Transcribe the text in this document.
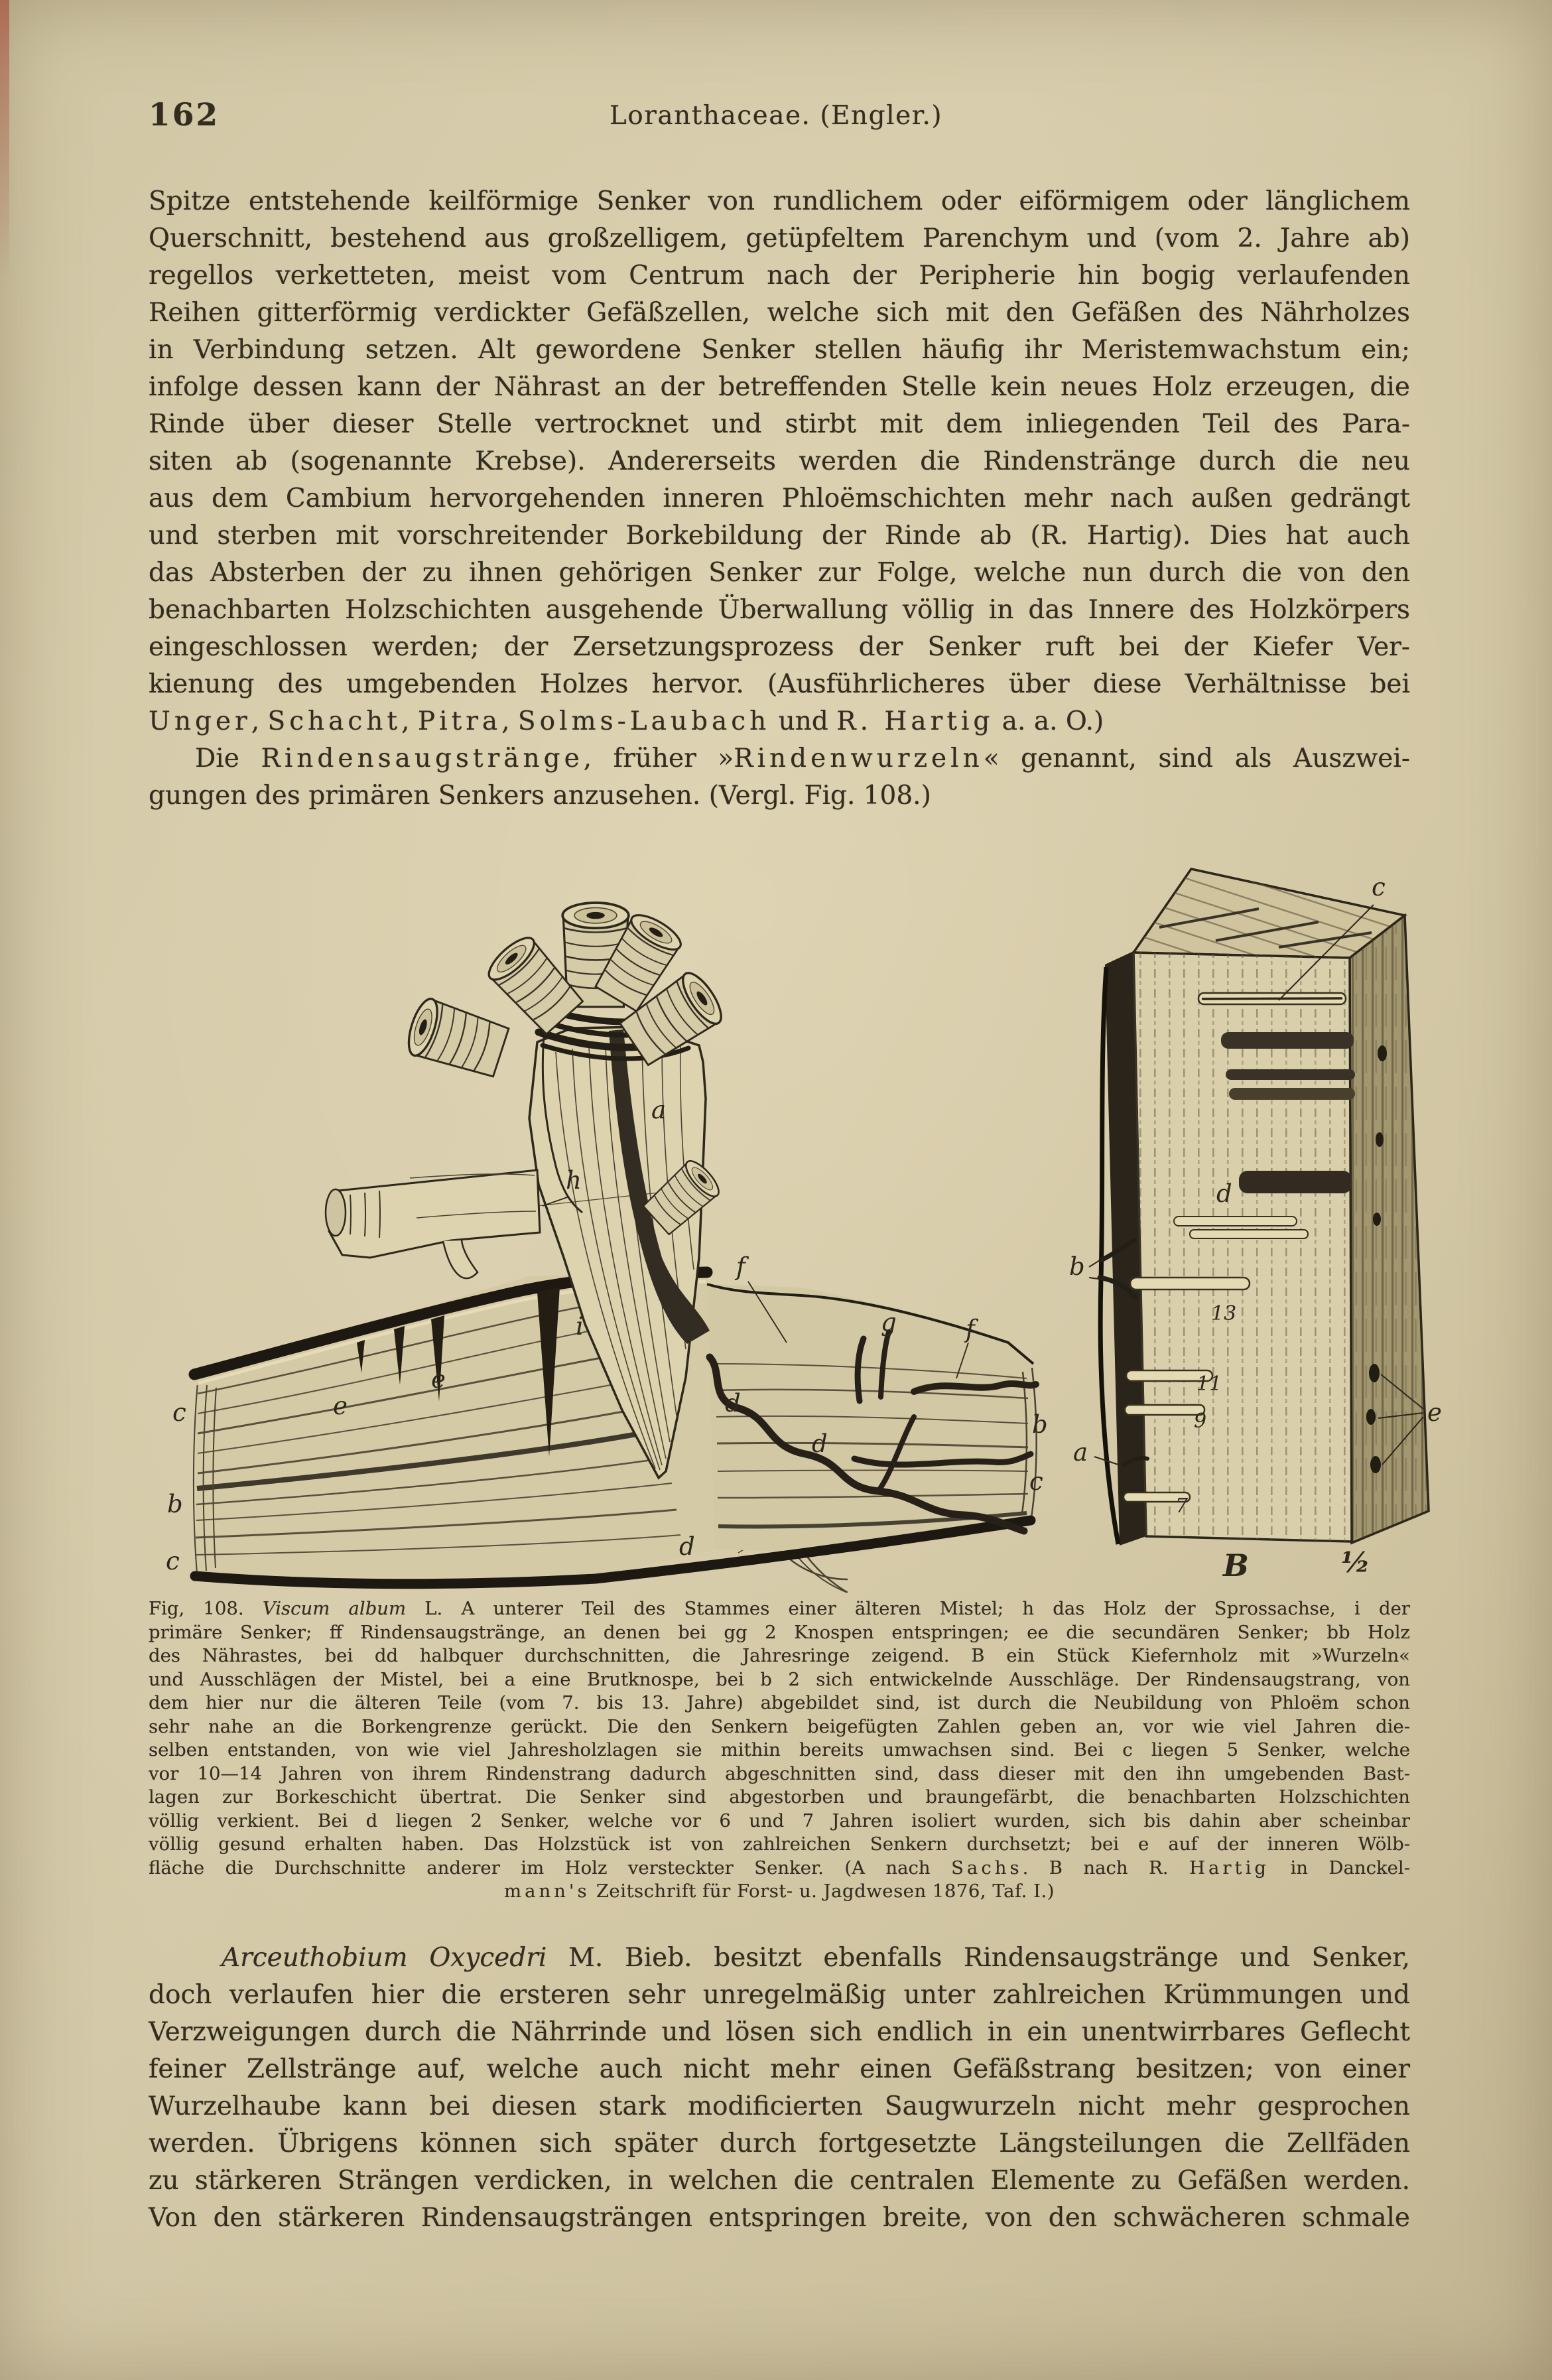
162	Loranthaceae. (Engler.)
Spitze entstehende keilförmige Senker von rundlichem oder eiförmigem oder länglichem
Querschnitt, bestehend aus großzelligem, getüpfeltem Parenchym und (vom 2. Jahre ab)
regellos verketteten, meist vom Centrum nach der Peripherie hin bogig verlaufenden
Reihen gitterförmig verdickter Gefäßzellen, welche sich mit den Gefäßen des Nährholzes
in Verbindung setzen. Alt gewordene Senker stellen häufig ihr Meristemwachstum ein;
infolge dessen kann der Nährast an der betreffenden Stelle kein neues Holz erzeugen, die
Rinde über dieser Stelle vertrocknet und stirbt mit dem inliegenden Teil des Para-
siten ab (sogenannte Krebse). Andererseits werden die Rindenstränge durch die neu
aus dem Cambium hervorgehenden inneren Phloëmschichten mehr nach außen gedrängt
und sterben mit vorschreitender Borkebildung der Rinde ab (R. Hartig). Dies hat auch
das Absterben der zu ihnen gehörigen Senker zur Folge, welche nun durch die von den
benachbarten Holzschichten ausgehende Überwallung völlig in das Innere des Holzkörpers
eingeschlossen werden; der Zersetzungsprozess der Senker ruft bei der Kiefer Ver-
kienung des umgebenden Holzes hervor. (Ausführlicheres über diese Verhältnisse bei
Unger, Schacht, Pitra, Solms-Laubach und R. Hartig a. a. O.)
Die Rindensaugstränge, früher »Rindenwurzeln« genannt, sind als Auszwei-
gungen des primären Senkers anzusehen. (Vergl. Fig. 108.)
a
h
i
d
d
d
e
e
f
g	f
c
b
c
b
c
c
d
b
a
e
13
11
9
7
B	½
Fig, 108. Viscum album L. A unterer Teil des Stammes einer älteren Mistel; h das Holz der Sprossachse, i der
primäre Senker; ff Rindensaugstränge, an denen bei gg 2 Knospen entspringen; ee die secundären Senker; bb Holz
des Nährastes, bei dd halbquer durchschnitten, die Jahresringe zeigend. B ein Stück Kiefernholz mit »Wurzeln«
und Ausschlägen der Mistel, bei a eine Brutknospe, bei b 2 sich entwickelnde Ausschläge. Der Rindensaugstrang, von
dem hier nur die älteren Teile (vom 7. bis 13. Jahre) abgebildet sind, ist durch die Neubildung von Phloëm schon
sehr nahe an die Borkengrenze gerückt. Die den Senkern beigefügten Zahlen geben an, vor wie viel Jahren die-
selben entstanden, von wie viel Jahresholzlagen sie mithin bereits umwachsen sind. Bei c liegen 5 Senker, welche
vor 10—14 Jahren von ihrem Rindenstrang dadurch abgeschnitten sind, dass dieser mit den ihn umgebenden Bast-
lagen zur Borkeschicht übertrat. Die Senker sind abgestorben und braungefärbt, die benachbarten Holzschichten
völlig verkient. Bei d liegen 2 Senker, welche vor 6 und 7 Jahren isoliert wurden, sich bis dahin aber scheinbar
völlig gesund erhalten haben. Das Holzstück ist von zahlreichen Senkern durchsetzt; bei e auf der inneren Wölb-
fläche die Durchschnitte anderer im Holz versteckter Senker. (A nach Sachs. B nach R. Hartig in Danckel-
mann's Zeitschrift für Forst- u. Jagdwesen 1876, Taf. I.)
Arceuthobium Oxycedri M. Bieb. besitzt ebenfalls Rindensaugstränge und Senker,
doch verlaufen hier die ersteren sehr unregelmäßig unter zahlreichen Krümmungen und
Verzweigungen durch die Nährrinde und lösen sich endlich in ein unentwirrbares Geflecht
feiner Zellstränge auf, welche auch nicht mehr einen Gefäßstrang besitzen; von einer
Wurzelhaube kann bei diesen stark modificierten Saugwurzeln nicht mehr gesprochen
werden. Übrigens können sich später durch fortgesetzte Längsteilungen die Zellfäden
zu stärkeren Strängen verdicken, in welchen die centralen Elemente zu Gefäßen werden.
Von den stärkeren Rindensaugsträngen entspringen breite, von den schwächeren schmale
